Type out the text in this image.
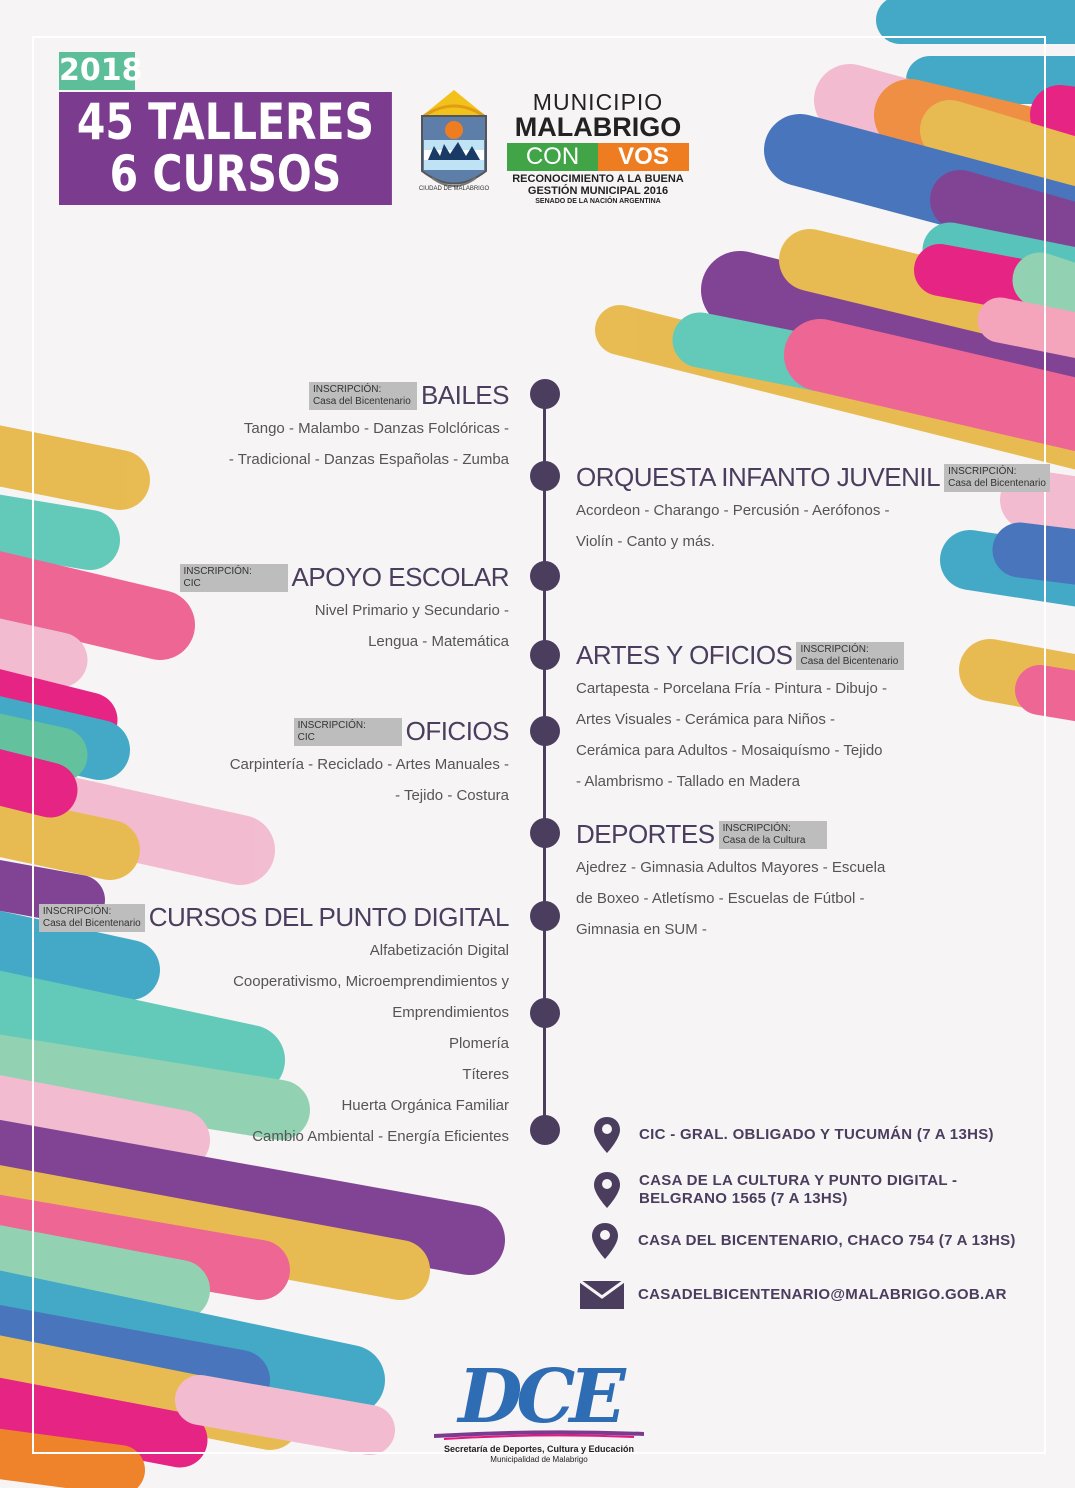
2018
45 TALLERES
6 CURSOS	CIUDAD DE MALABRIGO
MUNICIPIO
MALABRIGO
CON	VOS
RECONOCIMIENTO A LA BUENA
GESTIÓN MUNICIPAL 2016
SENADO DE LA NACIÓN ARGENTINA
INSCRIPCIÓN:
Casa del Bicentenario BAILES
Tango - Malambo - Danzas Folclóricas -
- Tradicional - Danzas Españolas - Zumba
ORQUESTA INFANTO JUVENIL INSCRIPCIÓN:
Casa del Bicentenario
Acordeon - Charango - Percusión - Aerófonos -
Violín - Canto y más.
INSCRIPCIÓN:
CIC	APOYO ESCOLAR
Nivel Primario y Secundario -
Lengua - Matemática	ARTES Y OFICIOS INSCRIPCIÓN:
Casa del Bicentenario
Cartapesta - Porcelana Fría - Pintura - Dibujo -
Artes Visuales - Cerámica para Niños -
Cerámica para Adultos - Mosaiquísmo - Tejido
- Alambrismo - Tallado en Madera
INSCRIPCIÓN:
CIC	OFICIOS
Carpintería - Reciclado - Artes Manuales -
- Tejido - Costura
DEPORTES INSCRIPCIÓN:
Casa de la Cultura
Ajedrez - Gimnasia Adultos Mayores - Escuela
de Boxeo - Atletísmo - Escuelas de Fútbol -
Gimnasia en SUM -
INSCRIPCIÓN:
Casa del Bicentenario CURSOS DEL PUNTO DIGITAL
Alfabetización Digital
Cooperativismo, Microemprendimientos y
Emprendimientos
Plomería
Títeres
Huerta Orgánica Familiar
Cambio Ambiental - Energía Eficientes	CIC - GRAL. OBLIGADO Y TUCUMÁN (7 A 13HS)
CASA DE LA CULTURA Y PUNTO DIGITAL -
BELGRANO 1565 (7 A 13HS)
CASA DEL BICENTENARIO, CHACO 754 (7 A 13HS)
CASADELBICENTENARIO@MALABRIGO.GOB.AR
DCE
Secretaría de Deportes, Cultura y Educación
Municipalidad de Malabrigo
